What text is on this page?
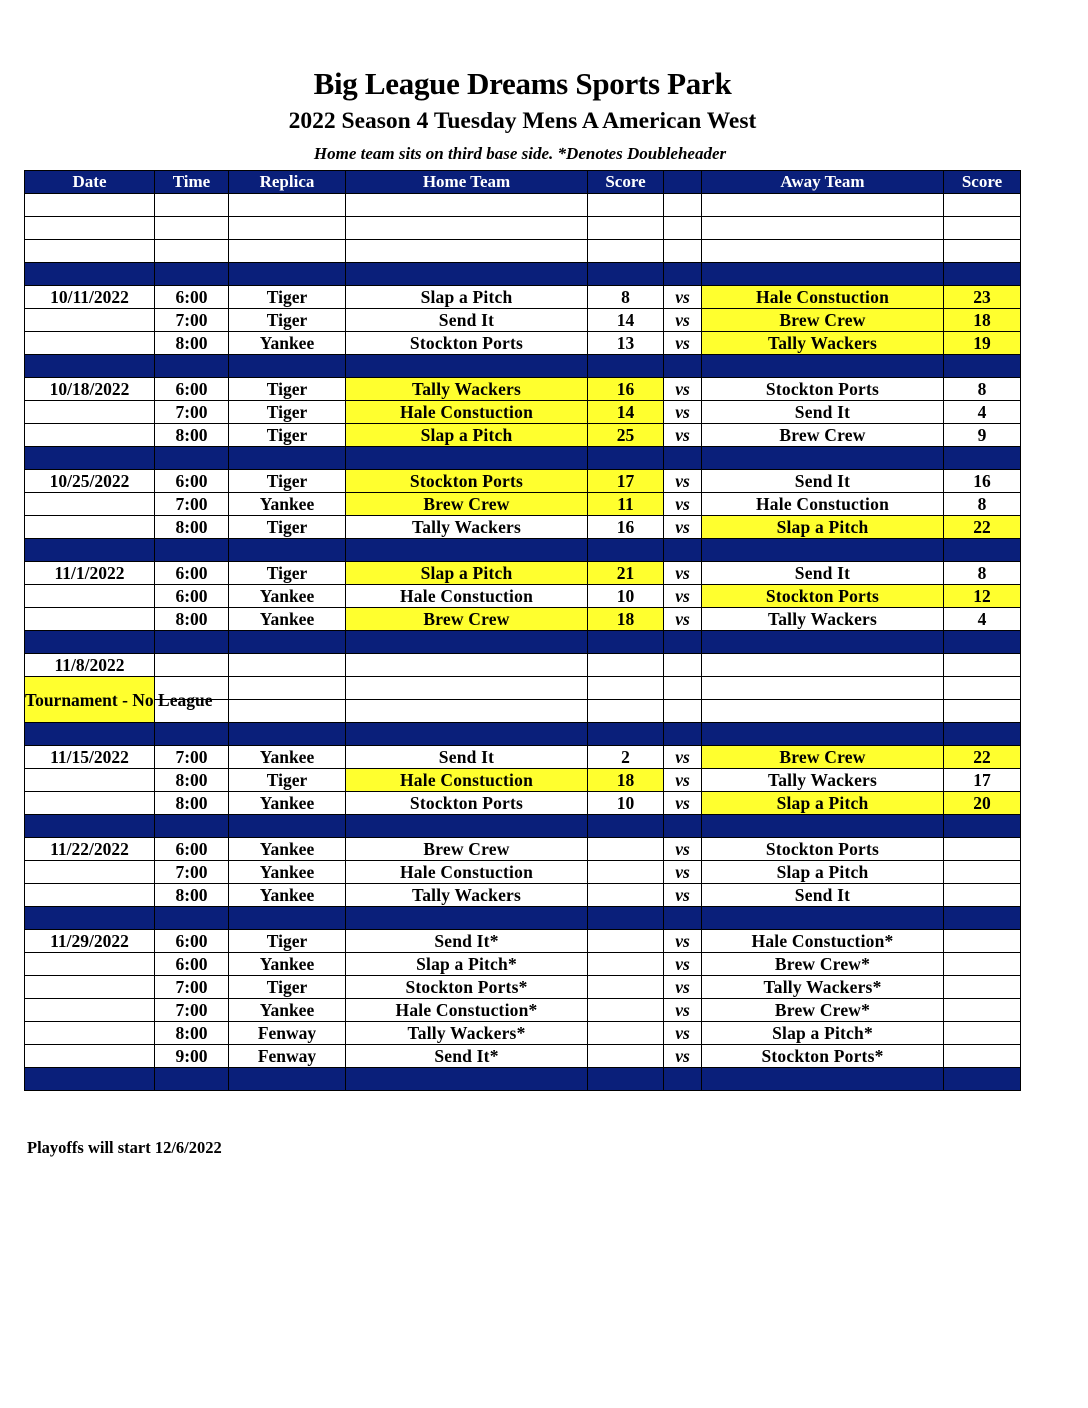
Big League Dreams Sports Park
2022 Season 4 Tuesday Mens A American West
Home team sits on third base side. *Denotes Doubleheader
Date	Time	Replica	Home Team	Score		Away Team	Score

10/11/2022	6:00	Tiger	Slap a Pitch	8	vs	Hale Constuction	23
	7:00	Tiger	Send It	14	vs	Brew Crew	18
	8:00	Yankee	Stockton Ports	13	vs	Tally Wackers	19

10/18/2022	6:00	Tiger	Tally Wackers	16	vs	Stockton Ports	8
	7:00	Tiger	Hale Constuction	14	vs	Send It	4
	8:00	Tiger	Slap a Pitch	25	vs	Brew Crew	9

10/25/2022	6:00	Tiger	Stockton Ports	17	vs	Send It	16
	7:00	Yankee	Brew Crew	11	vs	Hale Constuction	8
	8:00	Tiger	Tally Wackers	16	vs	Slap a Pitch	22

11/1/2022	6:00	Tiger	Slap a Pitch	21	vs	Send It	8
	6:00	Yankee	Hale Constuction	10	vs	Stockton Ports	12
	8:00	Yankee	Brew Crew	18	vs	Tally Wackers	4

11/8/2022							
Tournament - No League							

11/15/2022	7:00	Yankee	Send It	2	vs	Brew Crew	22
	8:00	Tiger	Hale Constuction	18	vs	Tally Wackers	17
	8:00	Yankee	Stockton Ports	10	vs	Slap a Pitch	20

11/22/2022	6:00	Yankee	Brew Crew		vs	Stockton Ports	
	7:00	Yankee	Hale Constuction		vs	Slap a Pitch	
	8:00	Yankee	Tally Wackers		vs	Send It	

11/29/2022	6:00	Tiger	Send It*		vs	Hale Constuction*	
	6:00	Yankee	Slap a Pitch*		vs	Brew Crew*	
	7:00	Tiger	Stockton Ports*		vs	Tally Wackers*	
	7:00	Yankee	Hale Constuction*		vs	Brew Crew*	
	8:00	Fenway	Tally Wackers*		vs	Slap a Pitch*	
	9:00	Fenway	Send It*		vs	Stockton Ports*	

Playoffs will start 12/6/2022
